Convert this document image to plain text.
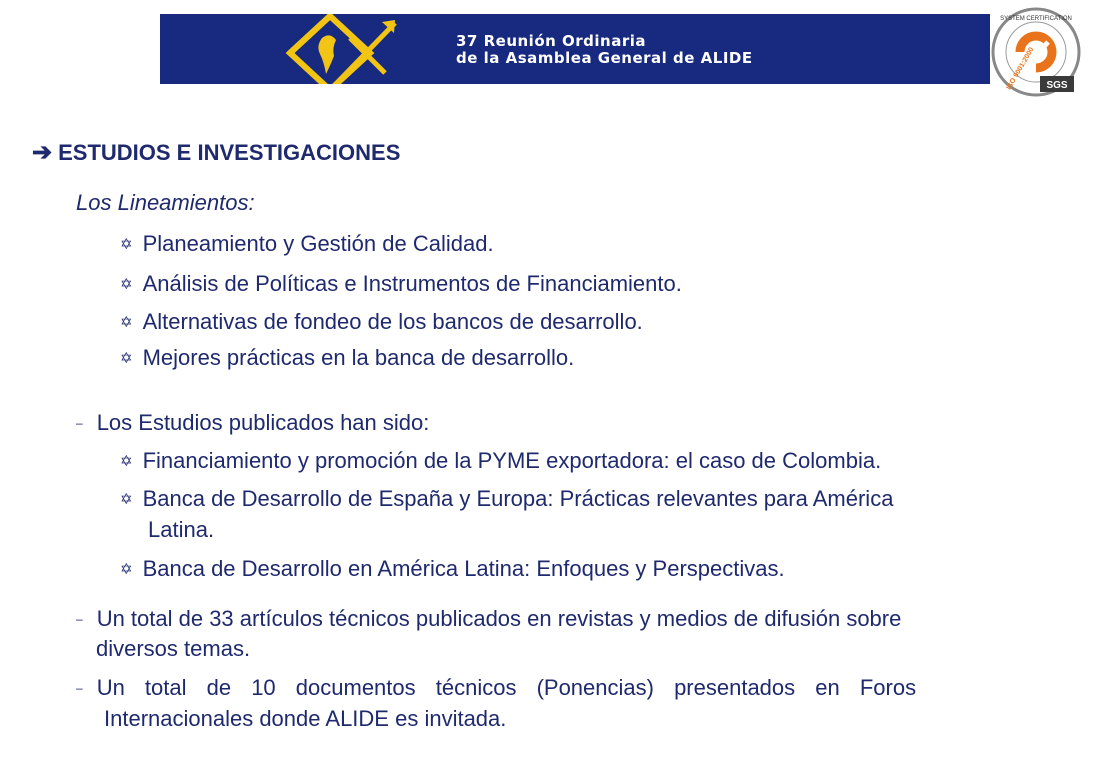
37 Reunión Ordinaria
de la Asamblea General de ALIDE
SGS
SYSTEM CERTIFICATION
ISO 9001:2000
➔ ESTUDIOS E INVESTIGACIONES
Los Lineamientos:
✡ Planeamiento y Gestión de Calidad.
✡ Análisis de Políticas e Instrumentos de Financiamiento.
✡ Alternativas de fondeo de los bancos de desarrollo.
✡ Mejores prácticas en la banca de desarrollo.
– Los Estudios publicados han sido:
✡ Financiamiento y promoción de la PYME exportadora: el caso de Colombia.
✡ Banca de Desarrollo de España y Europa: Prácticas relevantes para América
Latina.
✡ Banca de Desarrollo en América Latina: Enfoques y Perspectivas.
– Un total de 33 artículos técnicos publicados en revistas y medios de difusión sobre
diversos temas.
– Un total de 10 documentos técnicos (Ponencias) presentados en Foros
Internacionales donde ALIDE es invitada.
